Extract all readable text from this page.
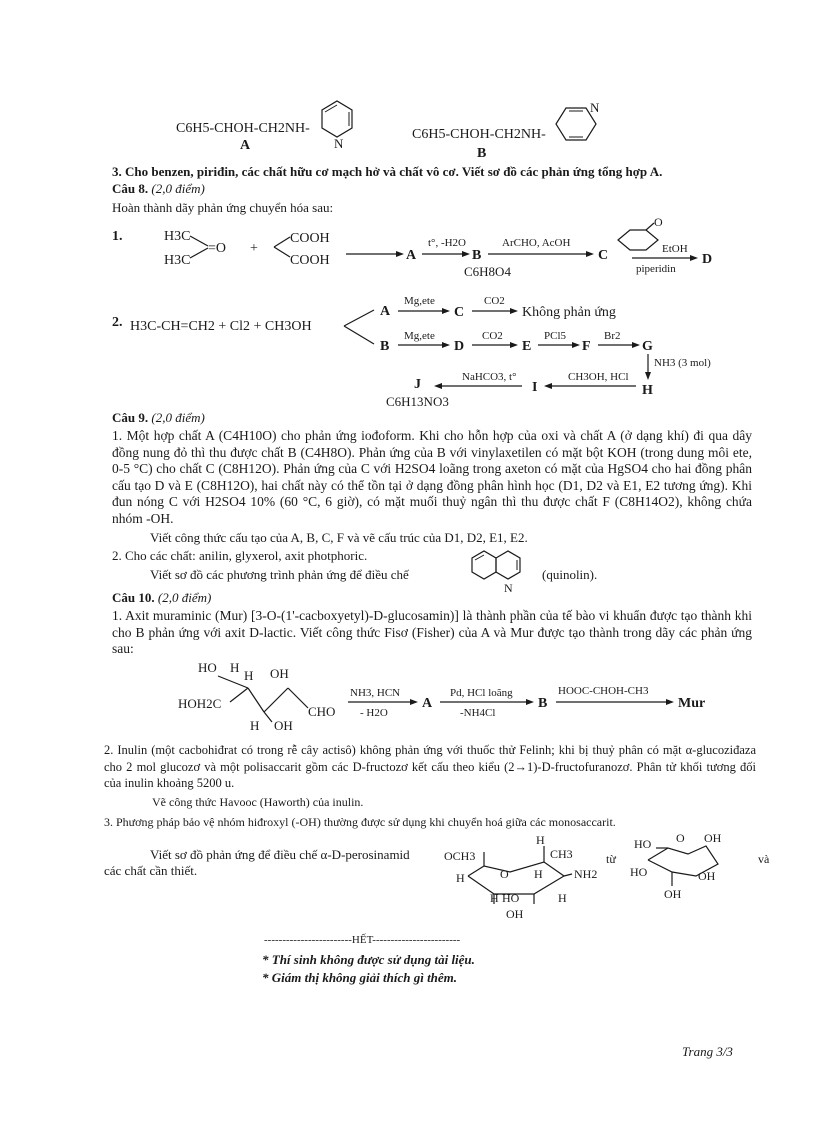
C6H5-CHOH-CH2NH-
N
A
C6H5-CHOH-CH2NH-
N
B
3. Cho benzen, piriđin, các chất hữu cơ mạch hở và chất vô cơ. Viết sơ đồ các phản ứng tổng hợp A.
Câu 8. (2,0 điểm)
Hoàn thành dãy phản ứng chuyển hóa sau:
1.	H3C
H3C
=O +
COOH
COOH	A
t°, -H2O
B
C6H8O4
ArCHO, AcOH
C
O
EtOH
piperidin
D
2. H3C-CH=CH2 + Cl2 + CH3OH
A
Mg,ete
C
CO2
Không phản ứng
B
Mg,ete
D
CO2
E
PCl5
F
Br2
G
NH3 (3 mol)
H
CH3OH, HCl
I
NaHCO3, t°
J
C6H13NO3
Câu 9. (2,0 điểm)
1. Một hợp chất A (C4H10O) cho phản ứng iođoform. Khi cho hỗn hợp của oxi và chất A (ở dạng khí) đi qua dây đồng nung đỏ thì thu được chất B (C4H8O). Phản ứng của B với vinylaxetilen có mặt bột KOH (trong dung môi ete, 0-5 °C) cho chất C (C8H12O). Phản ứng của C với H2SO4 loãng trong axeton có mặt của HgSO4 cho hai đồng phân cấu tạo D và E (C8H12O), hai chất này có thể tồn tại ở dạng đồng phân hình học (D1, D2 và E1, E2 tương ứng). Khi đun nóng C với H2SO4 10% (60 °C, 6 giờ), có mặt muối thuỷ ngân thì thu được chất F (C8H14O2), không chứa nhóm -OH.
Viết công thức cấu tạo của A, B, C, F và vẽ cấu trúc của D1, D2, E1, E2.
2. Cho các chất: anilin, glyxerol, axit photphoric.
Viết sơ đồ các phương trình phản ứng để điều chế
N
(quinolin).
Câu 10. (2,0 điểm)
1. Axit muraminic (Mur) [3-O-(1'-cacboxyetyl)-D-glucosamin)] là thành phần của tế bào vi khuẩn được tạo thành khi cho B phản ứng với axit D-lactic. Viết công thức Fisơ (Fisher) của A và Mur được tạo thành trong dãy các phản ứng sau:
HO H
H OH
HOH2C
CHO
H OH
NH3, HCN
- H2O
A
Pd, HCl loãng
-NH4Cl
B
HOOC-CHOH-CH3
Mur
2. Inulin (một cacbohiđrat có trong rễ cây actisô) không phản ứng với thuốc thử Felinh; khi bị thuỷ phân có mặt α-glucoziđaza cho 2 mol glucozơ và một polisaccarit gồm các D-fructozơ kết cấu theo kiểu (2→1)-D-fructofuranozơ. Phân tử khối tương đối của inulin khoảng 5200 u.
Vẽ công thức Havooc (Haworth) của inulin.
3. Phương pháp bảo vệ nhóm hiđroxyl (-OH) thường được sử dụng khi chuyển hoá giữa các monosaccarit.
Viết sơ đồ phản ứng để điều chế α-D-perosinamid
các chất cần thiết.
OCH3
H
CH3
H	O H	NH2
H HO	H
OH
từ
HO O OH
HO	OH
OH
và
------------------------HẾT------------------------
* Thí sinh không được sử dụng tài liệu.
* Giám thị không giải thích gì thêm.
Trang 3/3
